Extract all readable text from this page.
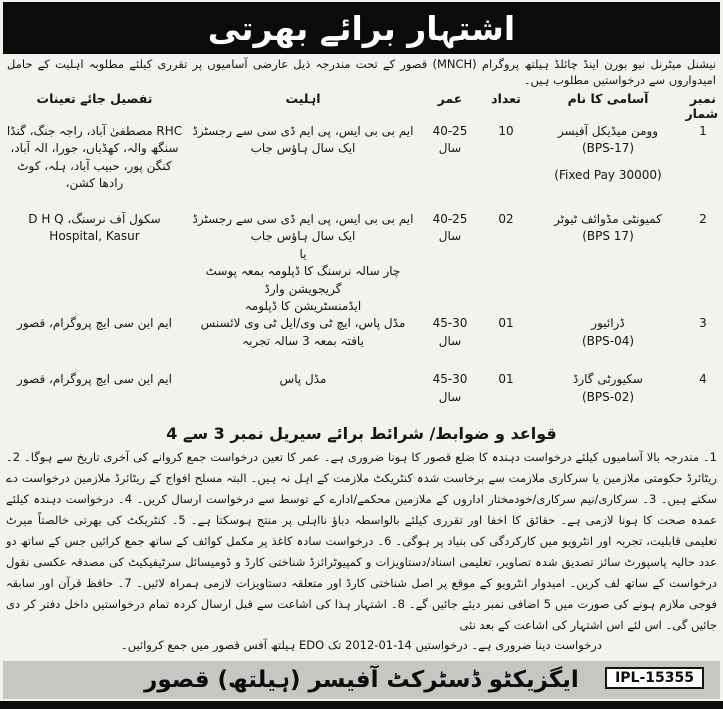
اشتہار برائے بھرتی

نیشنل میٹرنل نیو بورن اینڈ چائلڈ ہیلتھ پروگرام (MNCH) قصور کے تحت مندرجہ ذیل عارضی آسامیوں پر تقرری کیلئے مطلوبہ اہلیت کے حامل امیدواروں سے درخواستیں مطلوب ہیں۔

نمبر شمار
آسامی کا نام
تعداد
عمر
اہلیت
تفصیل جائے تعینات
1
وومن میڈیکل آفیسر
(BPS-17)
(Fixed Pay 30000)
10
40-25
سال
ایم بی بی ایس، پی ایم ڈی سی سے رجسٹرڈ ایک سال ہاؤس جاب
RHC مصطفیٰ آباد، راجہ جنگ، گنڈا سنگھ والہ، کھڈیاں، جورا، الہ آباد، کنگن پور، حبیب آباد، ہلہ، کوٹ رادھا کشن،
2
کمیونٹی مڈوائف ٹیوٹر
(BPS 17)
02
40-25
سال
ایم بی بی ایس، پی ایم ڈی سی سے رجسٹرڈ ایک سال ہاؤس جاب
یا
چار سالہ نرسنگ کا ڈپلومہ بمعہ پوسٹ گریجویشن وارڈ
ایڈمنسٹریشن کا ڈپلومہ
سکول آف نرسنگ، D H Q Hospital, Kasur
3
ڈرائیور
(BPS-04)
01
45-30
سال
مڈل پاس، ایچ ٹی وی/ایل ٹی وی لائسنس یافتہ بمعہ 3 سالہ تجربہ
ایم این سی ایچ پروگرام، قصور
4
سکیورٹی گارڈ
(BPS-02)
01
45-30
سال
مڈل پاس
ایم این سی ایچ پروگرام، قصور
قواعد و ضوابط/ شرائط برائے سیریل نمبر 3 سے 4
1۔ مندرجہ بالا آسامیوں کیلئے درخواست دہندہ کا ضلع قصور کا ہونا ضروری ہے۔ عمر کا تعین درخواست جمع کروانے کی آخری تاریخ سے ہوگا۔ 2۔ ریٹائرڈ حکومتی ملازمین یا سرکاری ملازمت سے برخاست شدہ کنٹریکٹ ملازمت کے اہل نہ ہیں۔ البتہ مسلح افواج کے ریٹائرڈ ملازمین درخواست دے سکتے ہیں۔ 3۔ سرکاری/نیم سرکاری/خودمختار اداروں کے ملازمین محکمے/ادارے کے توسط سے درخواست ارسال کریں۔ 4۔ درخواست دہندہ کیلئے عمدہ صحت کا ہونا لازمی ہے۔ حقائق کا اخفا اور تقرری کیلئے بالواسطہ دباؤ نااہلی پر منتج ہوسکتا ہے۔ 5۔ کنٹریکٹ کی بھرتی خالصتاً میرٹ تعلیمی قابلیت، تجربہ اور انٹرویو میں کارکردگی کی بنیاد پر ہوگی۔ 6۔ درخواست سادہ کاغذ پر مکمل کوائف کے ساتھ جمع کرائیں جس کے ساتھ دو عدد حالیہ پاسپورٹ سائز تصدیق شدہ تصاویر، تعلیمی اسناد/دستاویزات و کمپیوٹرائزڈ شناختی کارڈ و ڈومیسائل سرٹیفیکیٹ کی مصدقہ عکسی نقول درخواست کے ساتھ لف کریں۔ امیدوار انٹرویو کے موقع پر اصل شناختی کارڈ اور متعلقہ دستاویزات لازمی ہمراہ لائیں۔ 7۔ حافظ قرآن اور سابقہ فوجی ملازم ہونے کی صورت میں 5 اضافی نمبر دیئے جائیں گے۔ 8۔ اشتہار ہذا کی اشاعت سے قبل ارسال کردہ تمام درخواستیں داخل دفتر کر دی جائیں گی۔ اس لئے اس اشتہار کی اشاعت کے بعد نئی
درخواست دینا ضروری ہے۔ درخواستیں 14-01-2012 تک EDO ہیلتھ آفس قصور میں جمع کروائیں۔
ایگزیکٹو ڈسٹرکٹ آفیسر (ہیلتھ) قصور	IPL-15355
